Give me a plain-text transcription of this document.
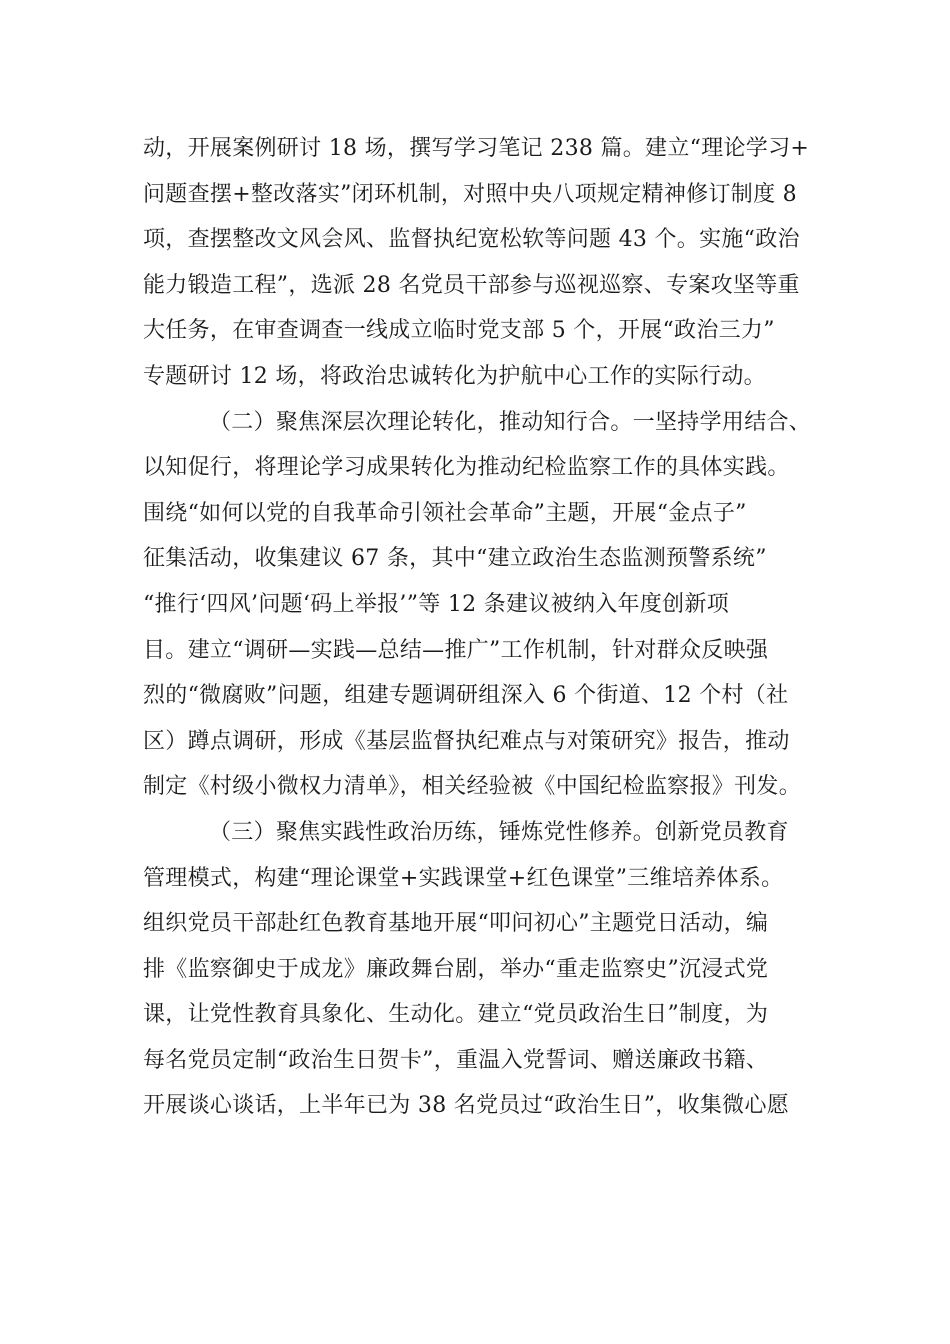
动，开展案例研讨 18 场，撰写学习笔记 238 篇。建立“理论学习+
问题查摆+整改落实”闭环机制，对照中央八项规定精神修订制度 8
项，查摆整改文风会风、监督执纪宽松软等问题 43 个。实施“政治
能力锻造工程”，选派 28 名党员干部参与巡视巡察、专案攻坚等重
大任务，在审查调查一线成立临时党支部 5 个，开展“政治三力”
专题研讨 12 场，将政治忠诚转化为护航中心工作的实际行动。
（二）聚焦深层次理论转化，推动知行合。一坚持学用结合、
以知促行，将理论学习成果转化为推动纪检监察工作的具体实践。
围绕“如何以党的自我革命引领社会革命”主题，开展“金点子”
征集活动，收集建议 67 条，其中“建立政治生态监测预警系统”
“推行‘四风’问题‘码上举报’”等 12 条建议被纳入年度创新项
目。建立“调研—实践—总结—推广”工作机制，针对群众反映强
烈的“微腐败”问题，组建专题调研组深入 6 个街道、12 个村（社
区）蹲点调研，形成《基层监督执纪难点与对策研究》报告，推动
制定《村级小微权力清单》，相关经验被《中国纪检监察报》刊发。
（三）聚焦实践性政治历练，锤炼党性修养。创新党员教育
管理模式，构建“理论课堂+实践课堂+红色课堂”三维培养体系。
组织党员干部赴红色教育基地开展“叩问初心”主题党日活动，编
排《监察御史于成龙》廉政舞台剧，举办“重走监察史”沉浸式党
课，让党性教育具象化、生动化。建立“党员政治生日”制度，为
每名党员定制“政治生日贺卡”，重温入党誓词、赠送廉政书籍、
开展谈心谈话，上半年已为 38 名党员过“政治生日”，收集微心愿
